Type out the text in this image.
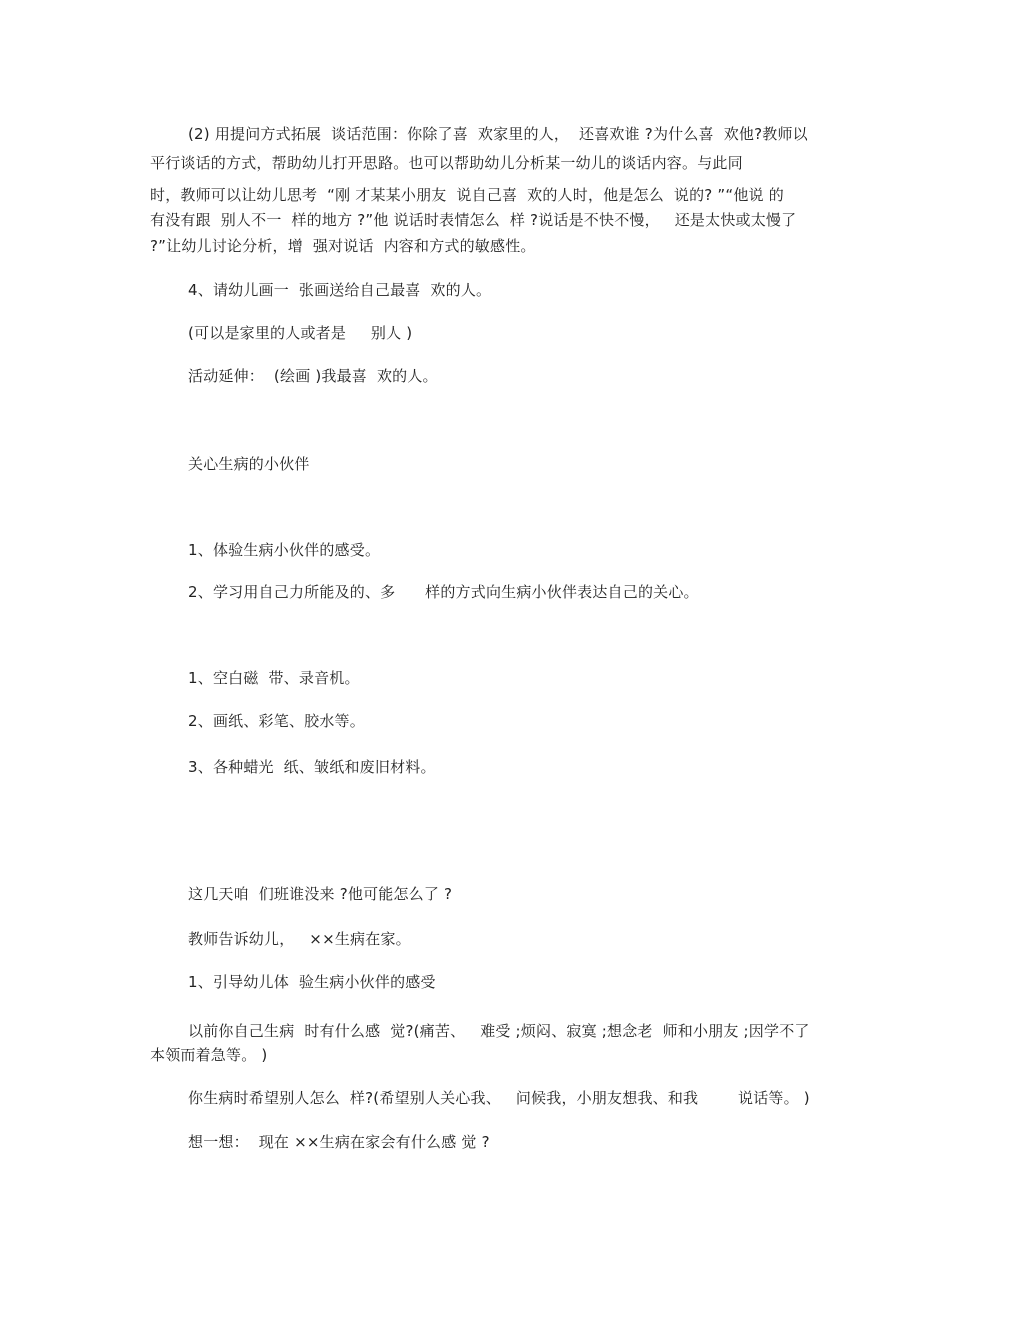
(2) 用提问方式拓展  谈话范围：你除了喜  欢家里的人，  还喜欢谁 ?为什么喜  欢他?教师以
平行谈话的方式，帮助幼儿打开思路。也可以帮助幼儿分析某一幼儿的谈话内容。与此同
时，教师可以让幼儿思考  “刚 才某某小朋友  说自己喜  欢的人时，他是怎么  说的? ”“他说 的
有没有跟  别人不一  样的地方 ?”他 说话时表情怎么  样 ?说话是不快不慢，   还是太快或太慢了
?”让幼儿讨论分析，增  强对说话  内容和方式的敏感性。
4、请幼儿画一  张画送给自己最喜  欢的人。
(可以是家里的人或者是     别人 )
活动延伸：  (绘画 )我最喜  欢的人。
关心生病的小伙伴
1、体验生病小伙伴的感受。
2、学习用自己力所能及的、多      样的方式向生病小伙伴表达自己的关心。
1、空白磁  带、录音机。
2、画纸、彩笔、胶水等。
3、各种蜡光  纸、皱纸和废旧材料。
这几天咱  们班谁没来 ?他可能怎么了 ?
教师告诉幼儿，   ××生病在家。
1、引导幼儿体  验生病小伙伴的感受
以前你自己生病  时有什么感  觉?(痛苦、   难受 ;烦闷、寂寞 ;想念老  师和小朋友 ;因学不了
本领而着急等。 )
你生病时希望别人怎么  样?(希望别人关心我、   问候我，小朋友想我、和我        说话等。 )
想一想：  现在 ××生病在家会有什么感 觉 ?
